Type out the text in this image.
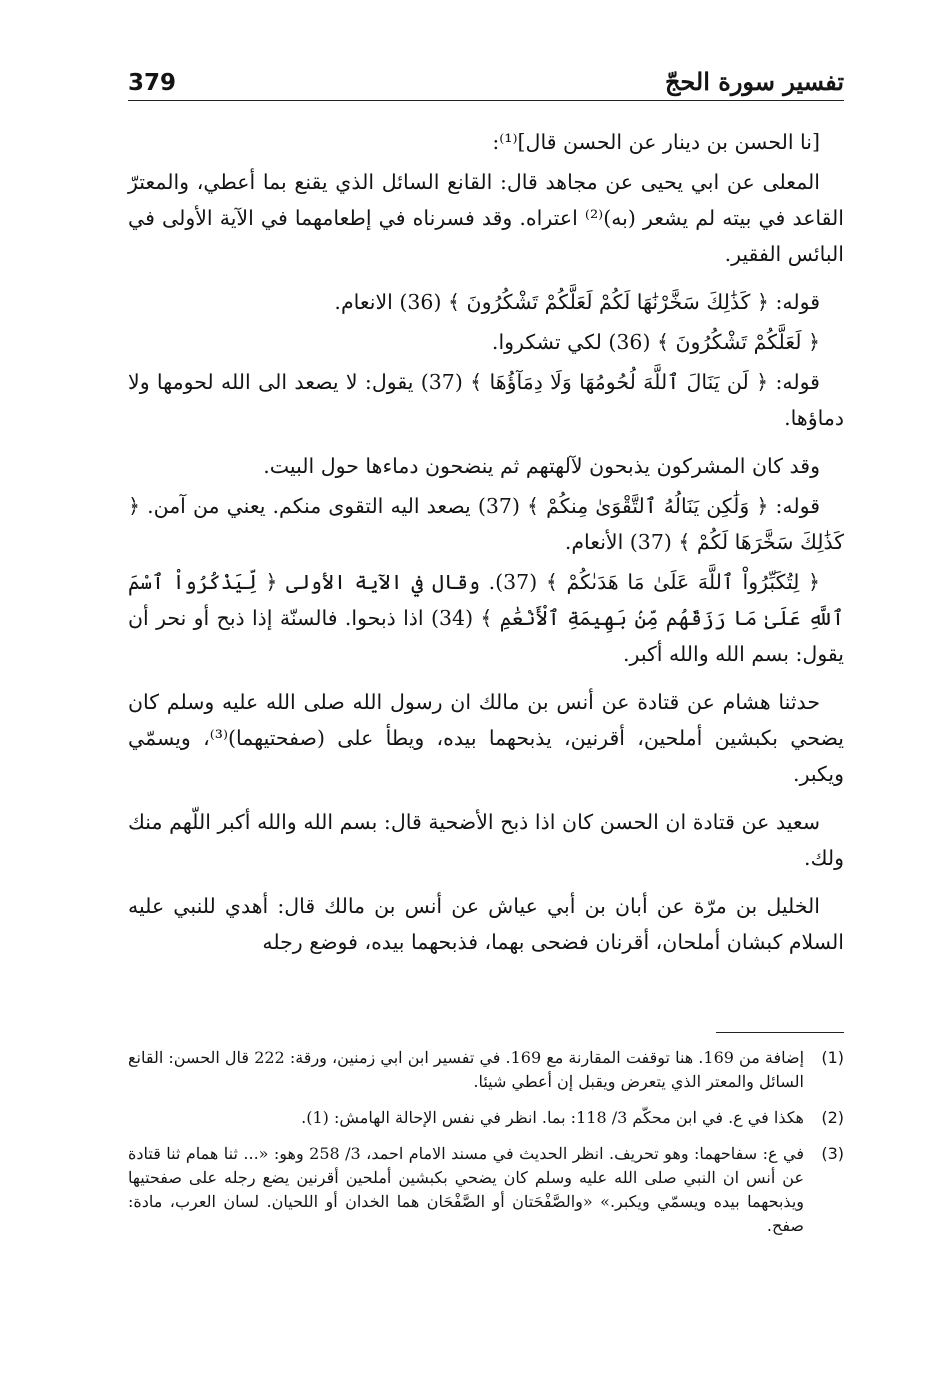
379	تفسير سورة الحجّ

[نا الحسن بن دينار عن الحسن قال]⁽¹⁾:

المعلى عن ابي يحيى عن مجاهد قال: القانع السائل الذي يقنع بما أعطي، والمعترّ القاعد في بيته لم يشعر (به)⁽²⁾ اعتراه. وقد فسرناه في إطعامهما في الآية الأولى في البائس الفقير.

قوله: ﴿ كَذَٰلِكَ سَخَّرْنَٰهَا لَكُمْ لَعَلَّكُمْ تَشْكُرُونَ ﴾ (36) الانعام.

﴿ لَعَلَّكُمْ تَشْكُرُونَ ﴾ (36) لكي تشكروا.

قوله: ﴿ لَن يَنَالَ ٱللَّهَ لُحُومُهَا وَلَا دِمَآؤُهَا ﴾ (37) يقول: لا يصعد الى الله لحومها ولا دماؤها.

وقد كان المشركون يذبحون لآلهتهم ثم ينضحون دماءها حول البيت.

قوله: ﴿ وَلَٰكِن يَنَالُهُ ٱلتَّقْوَىٰ مِنكُمْ ﴾ (37) يصعد اليه التقوى منكم. يعني من آمن. ﴿ كَذَٰلِكَ سَخَّرَهَا لَكُمْ ﴾ (37) الأنعام.

﴿ لِتُكَبِّرُواْ ٱللَّهَ عَلَىٰ مَا هَدَىٰكُمْ ﴾ (37). وقال في الآية الأولى ﴿ لِّيَذْكُرُواْ ٱسْمَ ٱللَّهِ عَلَىٰ مَا رَزَقَهُم مِّنۢ بَهِيمَةِ ٱلْأَنْعَٰمِ ﴾ (34) اذا ذبحوا. فالسنّة إذا ذبح أو نحر أن يقول: بسم الله والله أكبر.

حدثنا هشام عن قتادة عن أنس بن مالك ان رسول الله صلى الله عليه وسلم كان يضحي بكبشين أملحين، أقرنين، يذبحهما بيده، ويطأ على (صفحتيهما)⁽³⁾، ويسمّي ويكبر.

سعيد عن قتادة ان الحسن كان اذا ذبح الأضحية قال: بسم الله والله أكبر اللّهم منك ولك.

الخليل بن مرّة عن أبان بن أبي عياش عن أنس بن مالك قال: أهدي للنبي عليه السلام كبشان أملحان، أقرنان فضحى بهما، فذبحهما بيده، فوضع رجله

(1)
إضافة من 169. هنا توقفت المقارنة مع 169. في تفسير ابن ابي زمنين، ورقة: 222 قال الحسن: القانع السائل والمعتر الذي يتعرض ويقبل إن أعطي شيئا.
(2)
هكذا في ع. في ابن محكّم 3/ 118: بما. انظر في نفس الإحالة الهامش: (1).
(3)
في ع: سفاحهما: وهو تحريف. انظر الحديث في مسند الامام احمد، 3/ 258 وهو: «... ثنا همام ثنا قتادة عن أنس ان النبي صلى الله عليه وسلم كان يضحي بكبشين أملحين أقرنين يضع رجله على صفحتيها ويذبحهما بيده ويسمّي ويكبر.» «والصَّفْحَتان أو الصَّفْحَان هما الخدان أو اللحيان. لسان العرب، مادة: صفح.
